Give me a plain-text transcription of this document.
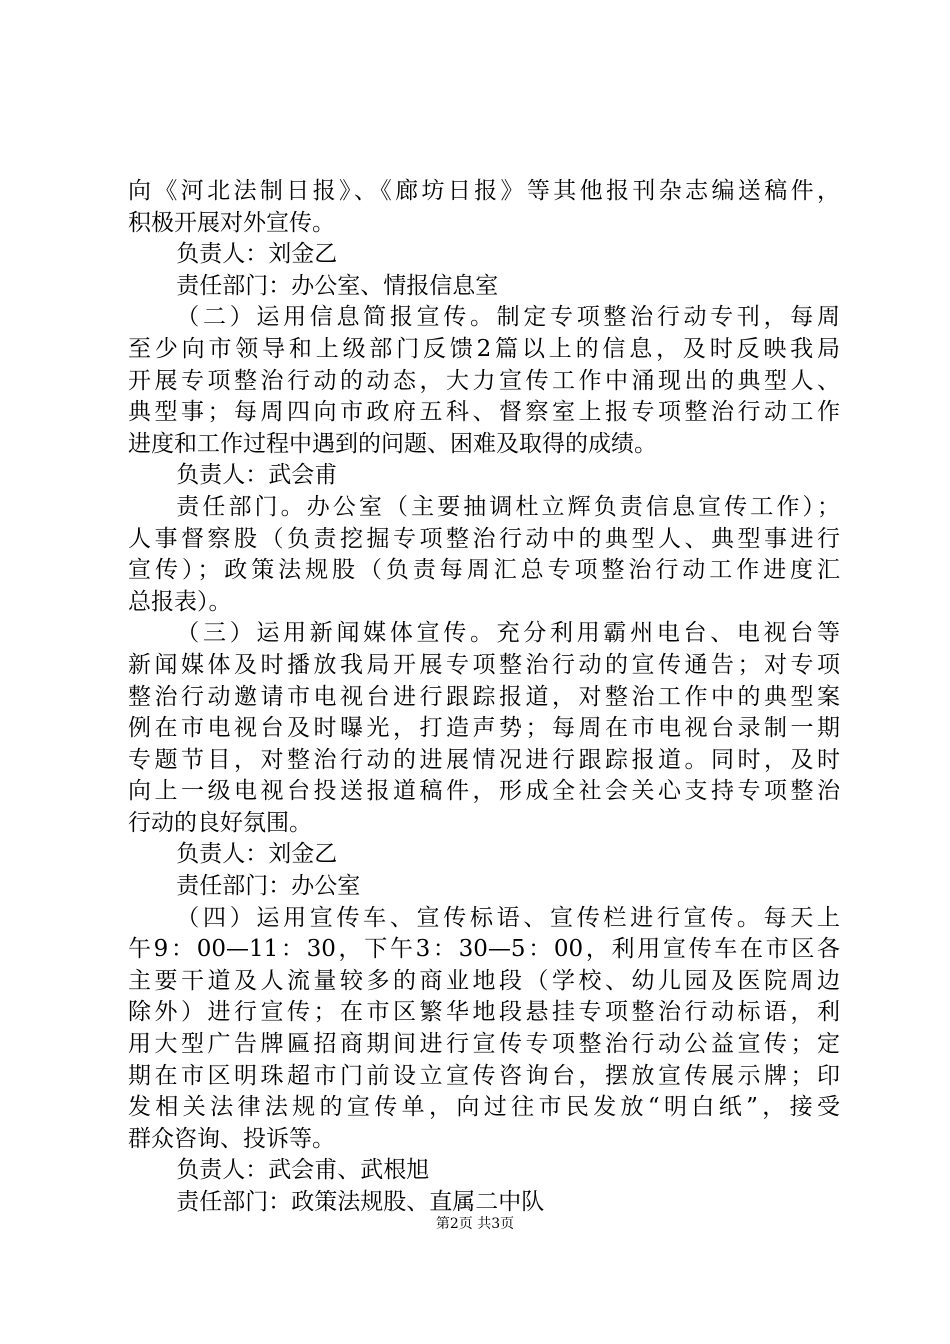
向《河北法制日报》、《廊坊日报》等其他报刊杂志编送稿件，
积极开展对外宣传。
负责人：刘金乙
责任部门：办公室、情报信息室
（二）运用信息简报宣传。制定专项整治行动专刊，每周
至少向市领导和上级部门反馈2篇以上的信息，及时反映我局
开展专项整治行动的动态，大力宣传工作中涌现出的典型人、
典型事；每周四向市政府五科、督察室上报专项整治行动工作
进度和工作过程中遇到的问题、困难及取得的成绩。
负责人：武会甫
责任部门。办公室（主要抽调杜立辉负责信息宣传工作）；
人事督察股（负责挖掘专项整治行动中的典型人、典型事进行
宣传）；政策法规股（负责每周汇总专项整治行动工作进度汇
总报表）。
（三）运用新闻媒体宣传。充分利用霸州电台、电视台等
新闻媒体及时播放我局开展专项整治行动的宣传通告；对专项
整治行动邀请市电视台进行跟踪报道，对整治工作中的典型案
例在市电视台及时曝光，打造声势；每周在市电视台录制一期
专题节目，对整治行动的进展情况进行跟踪报道。同时，及时
向上一级电视台投送报道稿件，形成全社会关心支持专项整治
行动的良好氛围。
负责人：刘金乙
责任部门：办公室
（四）运用宣传车、宣传标语、宣传栏进行宣传。每天上
午9：00—11：30，下午3：30—5：00，利用宣传车在市区各
主要干道及人流量较多的商业地段（学校、幼儿园及医院周边
除外）进行宣传；在市区繁华地段悬挂专项整治行动标语，利
用大型广告牌匾招商期间进行宣传专项整治行动公益宣传；定
期在市区明珠超市门前设立宣传咨询台，摆放宣传展示牌；印
发相关法律法规的宣传单，向过往市民发放“明白纸”，接受
群众咨询、投诉等。
负责人：武会甫、武根旭
责任部门：政策法规股、直属二中队
第2页 共3页
